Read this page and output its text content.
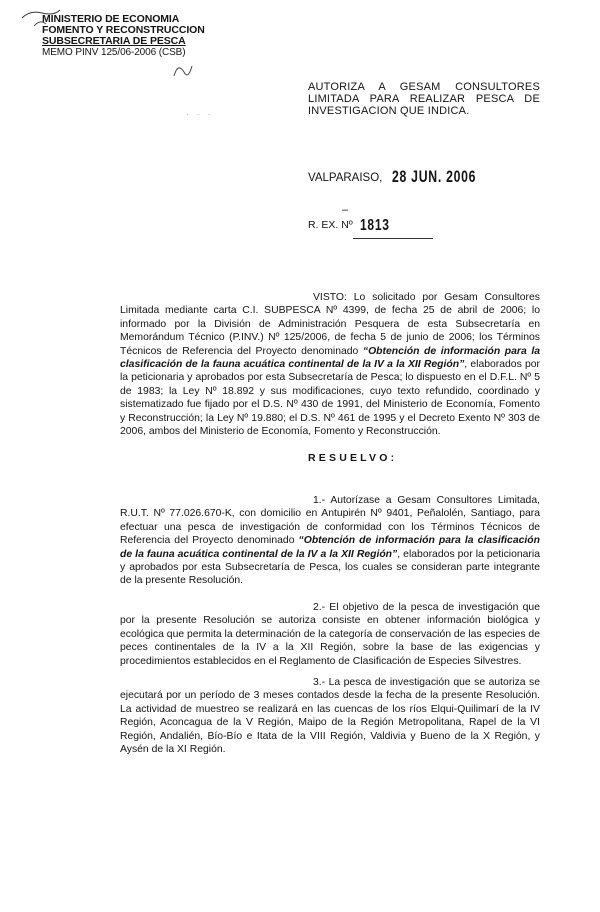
MINISTERIO DE ECONOMIA
FOMENTO Y RECONSTRUCCION
SUBSECRETARIA DE PESCA
MEMO PINV 125/06-2006 (CSB)
· · ·
AUTORIZA A GESAM CONSULTORES LIMITADA PARA REALIZAR PESCA DE INVESTIGACION QUE INDICA.
VALPARAISO, 28 JUN. 2006
–
R. EX. Nº 1813
VISTO: Lo solicitado por Gesam Consultores Limitada mediante carta C.I. SUBPESCA Nº 4399, de fecha 25 de abril de 2006; lo informado por la División de Administración Pesquera de esta Subsecretaría en Memorándum Técnico (P.INV.) Nº 125/2006, de fecha 5 de junio de 2006; los Términos Técnicos de Referencia del Proyecto denominado “Obtención de información para la clasificación de la fauna acuática continental de la IV a la XII Región”, elaborados por la peticionaria y aprobados por esta Subsecretaría de Pesca; lo dispuesto en el D.F.L. Nº 5 de 1983; la Ley Nº 18.892 y sus modificaciones, cuyo texto refundido, coordinado y sistematizado fue fijado por el D.S. Nº 430 de 1991, del Ministerio de Economía, Fomento y Reconstrucción; la Ley Nº 19.880; el D.S. Nº 461 de 1995 y el Decreto Exento Nº 303 de 2006, ambos del Ministerio de Economía, Fomento y Reconstrucción.
RESUELVO:
1.- Autorízase a Gesam Consultores Limitada, R.U.T. Nº 77.026.670-K, con domicilio en Antupirén Nº 9401, Peñalolén, Santiago, para efectuar una pesca de investigación de conformidad con los Términos Técnicos de Referencia del Proyecto denominado “Obtención de información para la clasificación de la fauna acuática continental de la IV a la XII Región”, elaborados por la peticionaria y aprobados por esta Subsecretaría de Pesca, los cuales se consideran parte integrante de la presente Resolución.
2.- El objetivo de la pesca de investigación que por la presente Resolución se autoriza consiste en obtener información biológica y ecológica que permita la determinación de la categoría de conservación de las especies de peces continentales de la IV a la XII Región, sobre la base de las exigencias y procedimientos establecidos en el Reglamento de Clasificación de Especies Silvestres.
3.- La pesca de investigación que se autoriza se ejecutará por un período de 3 meses contados desde la fecha de la presente Resolución. La actividad de muestreo se realizará en las cuencas de los ríos Elqui-Quilimarí de la IV Región, Aconcagua de la V Región, Maipo de la Región Metropolitana, Rapel de la VI Región, Andalién, Bío-Bío e Itata de la VIII Región, Valdivia y Bueno de la X Región, y Aysén de la XI Región.
